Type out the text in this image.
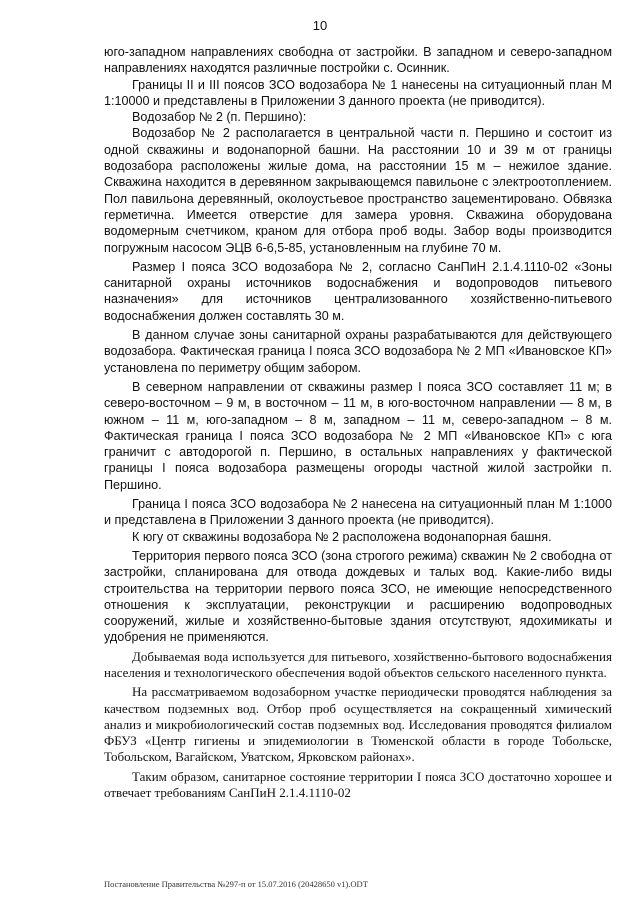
10

юго-западном направлениях свободна от застройки. В западном и северо-западном направлениях находятся различные постройки с. Осинник.

Границы II и III поясов ЗСО водозабора № 1 нанесены на ситуационный план М 1:10000 и представлены в Приложении 3 данного проекта (не приводится).

Водозабор № 2 (п. Першино):

Водозабор № 2 располагается в центральной части п. Першино и состоит из одной скважины и водонапорной башни. На расстоянии 10 и 39 м от границы водозабора расположены жилые дома, на расстоянии 15 м – нежилое здание. Скважина находится в деревянном закрывающемся павильоне с электроотоплением. Пол павильона деревянный, околоустьевое пространство зацементировано. Обвязка герметична. Имеется отверстие для замера уровня. Скважина оборудована водомерным счетчиком, краном для отбора проб воды. Забор воды производится погружным насосом ЭЦВ 6-6,5-85, установленным на глубине 70 м.

Размер I пояса ЗСО водозабора № 2, согласно СанПиН 2.1.4.1110-02 «Зоны санитарной охраны источников водоснабжения и водопроводов питьевого назначения» для источников централизованного хозяйственно-питьевого водоснабжения должен составлять 30 м.

В данном случае зоны санитарной охраны разрабатываются для действующего водозабора. Фактическая граница I пояса ЗСО водозабора № 2 МП «Ивановское КП» установлена по периметру общим забором.

В северном направлении от скважины размер I пояса ЗСО составляет 11 м; в северо-восточном – 9 м, в восточном – 11 м, в юго-восточном направлении — 8 м, в южном – 11 м, юго-западном – 8 м, западном – 11 м, северо-западном – 8 м. Фактическая граница I пояса ЗСО водозабора № 2 МП «Ивановское КП» с юга граничит с автодорогой п. Першино, в остальных направлениях у фактической границы I пояса водозабора размещены огороды частной жилой застройки п. Першино.

Граница I пояса ЗСО водозабора № 2 нанесена на ситуационный план М 1:1000 и представлена в Приложении 3 данного проекта (не приводится).

К югу от скважины водозабора № 2 расположена водонапорная башня.

Территория первого пояса ЗСО (зона строгого режима) скважин № 2 свободна от застройки, спланирована для отвода дождевых и талых вод. Какие-либо виды строительства на территории первого пояса ЗСО, не имеющие непосредственного отношения к эксплуатации, реконструкции и расширению водопроводных сооружений, жилые и хозяйственно-бытовые здания отсутствуют, ядохимикаты и удобрения не применяются.

Добываемая вода используется для питьевого, хозяйственно-бытового водоснабжения населения и технологического обеспечения водой объектов сельского населенного пункта.

На рассматриваемом водозаборном участке периодически проводятся наблюдения за качеством подземных вод. Отбор проб осуществляется на сокращенный химический анализ и микробиологический состав подземных вод. Исследования проводятся филиалом ФБУЗ «Центр гигиены и эпидемиологии в Тюменской области в городе Тобольске, Тобольском, Вагайском, Уватском, Ярковском районах».

Таким образом, санитарное состояние территории I пояса ЗСО достаточно хорошее и отвечает требованиям СанПиН 2.1.4.1110-02

Постановление Правительства №297-п от 15.07.2016 (20428650 v1).ODT
